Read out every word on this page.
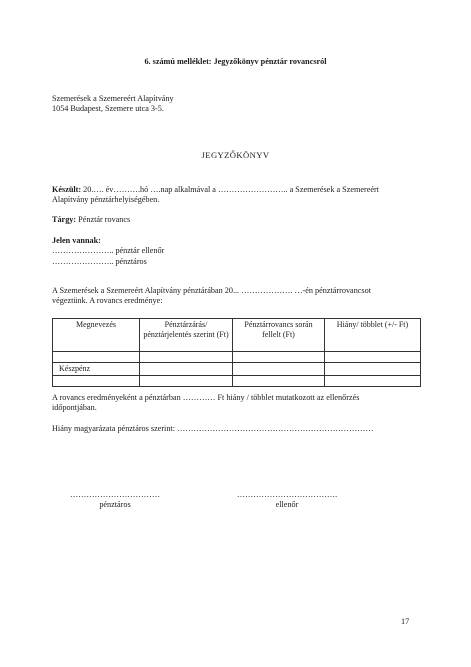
6. számú melléklet: Jegyzőkönyv pénztár rovancsról
Szemerések a Szemereért Alapítvány
1054 Budapest, Szemere utca 3-5.
JEGYZŐKÖNYV
Készült: 20.…. év……….hó ….nap alkalmával a …………………….. a Szemerések a Szemereért
Alapítvány pénztárhelyiségében.
Tárgy: Pénztár rovancs
Jelen vannak:
………………….. pénztár ellenőr
………………….. pénztáros
A Szemerések a Szemereért Alapítvány pénztárában 20... ………………. …-én pénztárrovancsot
végeztünk. A rovancs eredménye:
Megnevezés	Pénztárzárás/ pénztárjelentés szerint (Ft)	Pénztárrovancs során fellelt (Ft)	Hiány/ többlet (+/- Ft)

Készpénz			

A rovancs eredményeként a pénztárban ………… Ft hiány / többlet mutatkozott az ellenőrzés
időpontjában.
Hiány magyarázata pénztáros szerint: ………………………………………………………………
……………………………
pénztáros
……………………………….
ellenőr
17
